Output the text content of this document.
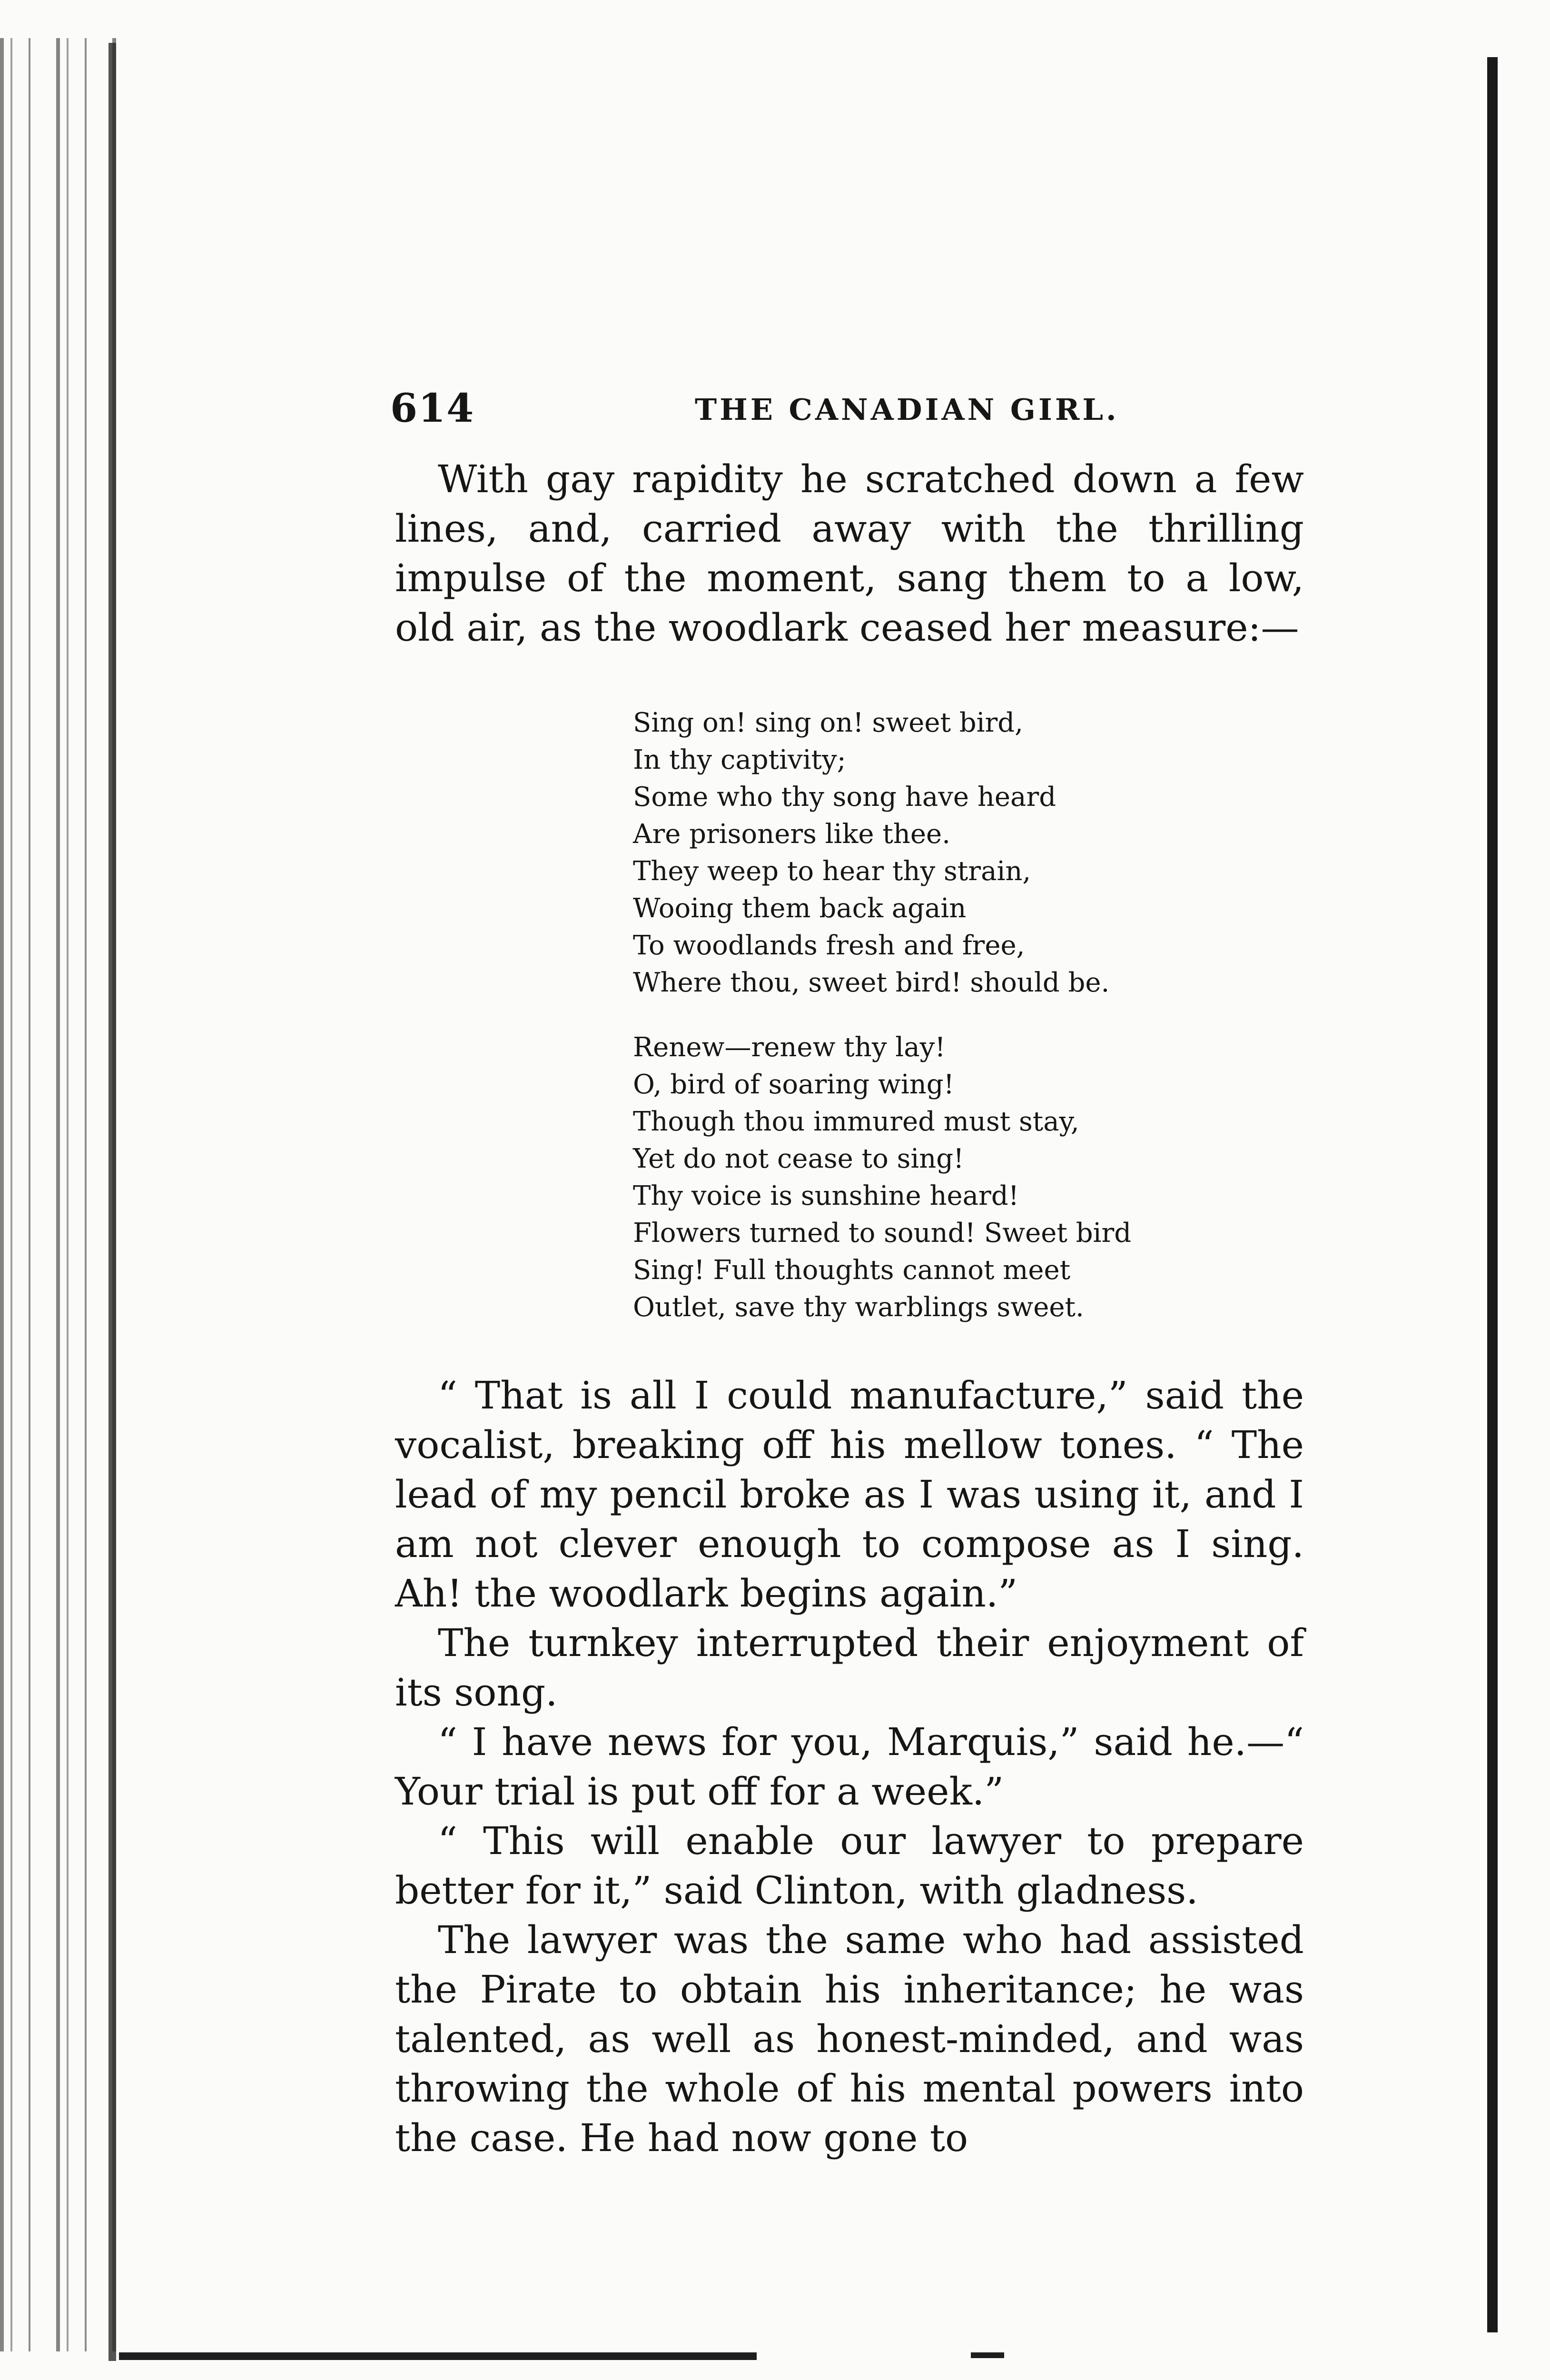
614	THE CANADIAN GIRL.

With gay rapidity he scratched down a few lines, and, carried away with the thrilling impulse of the moment, sang them to a low, old air, as the woodlark ceased her measure:—

Sing on! sing on! sweet bird,
In thy captivity;
Some who thy song have heard
Are prisoners like thee.
They weep to hear thy strain,
Wooing them back again
To woodlands fresh and free,
Where thou, sweet bird! should be.
Renew—renew thy lay!
O, bird of soaring wing!
Though thou immured must stay,
Yet do not cease to sing!
Thy voice is sunshine heard!
Flowers turned to sound! Sweet bird
Sing! Full thoughts cannot meet
Outlet, save thy warblings sweet.

“ That is all I could manufacture,” said the vocalist, breaking off his mellow tones. “ The lead of my pencil broke as I was using it, and I am not clever enough to compose as I sing. Ah! the woodlark begins again.”

The turnkey interrupted their enjoyment of its song.

“ I have news for you, Marquis,” said he.—“ Your trial is put off for a week.”

“ This will enable our lawyer to prepare better for it,” said Clinton, with gladness.

The lawyer was the same who had assisted the Pirate to obtain his inheritance; he was talented, as well as honest-minded, and was throwing the whole of his mental powers into the case. He had now gone to
